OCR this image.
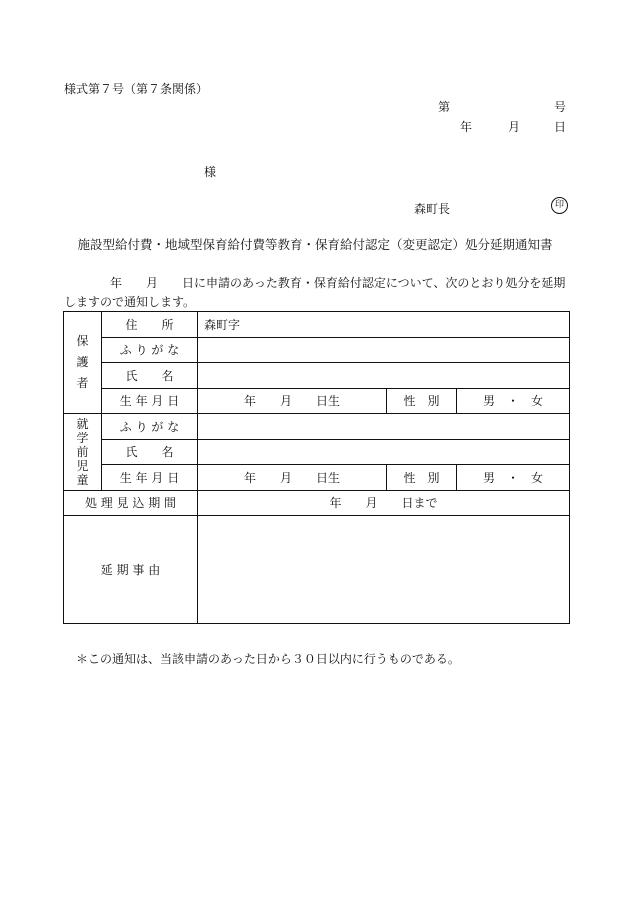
様式第７号（第７条関係）
第	号
年	月	日
様
森町長	印
施設型給付費・地域型保育給付費等教育・保育給付認定（変更認定）処分延期通知書
年　　月　　日に申請のあった教育・保育給付認定について、次のとおり処分を延期しますので通知します。
保護者	住　　所	森町字		
	ふ り が な			
	氏　　名			
	生 年 月 日	年　　月　　日生	性　別	男　・　女
就学前児童	ふ り が な			
	氏　　名			
	生 年 月 日	年　　月　　日生	性　別	男　・　女
処 理 見 込 期 間		年　　月　　日まで		
延 期 事 由				
＊この通知は、当該申請のあった日から３０日以内に行うものである。
